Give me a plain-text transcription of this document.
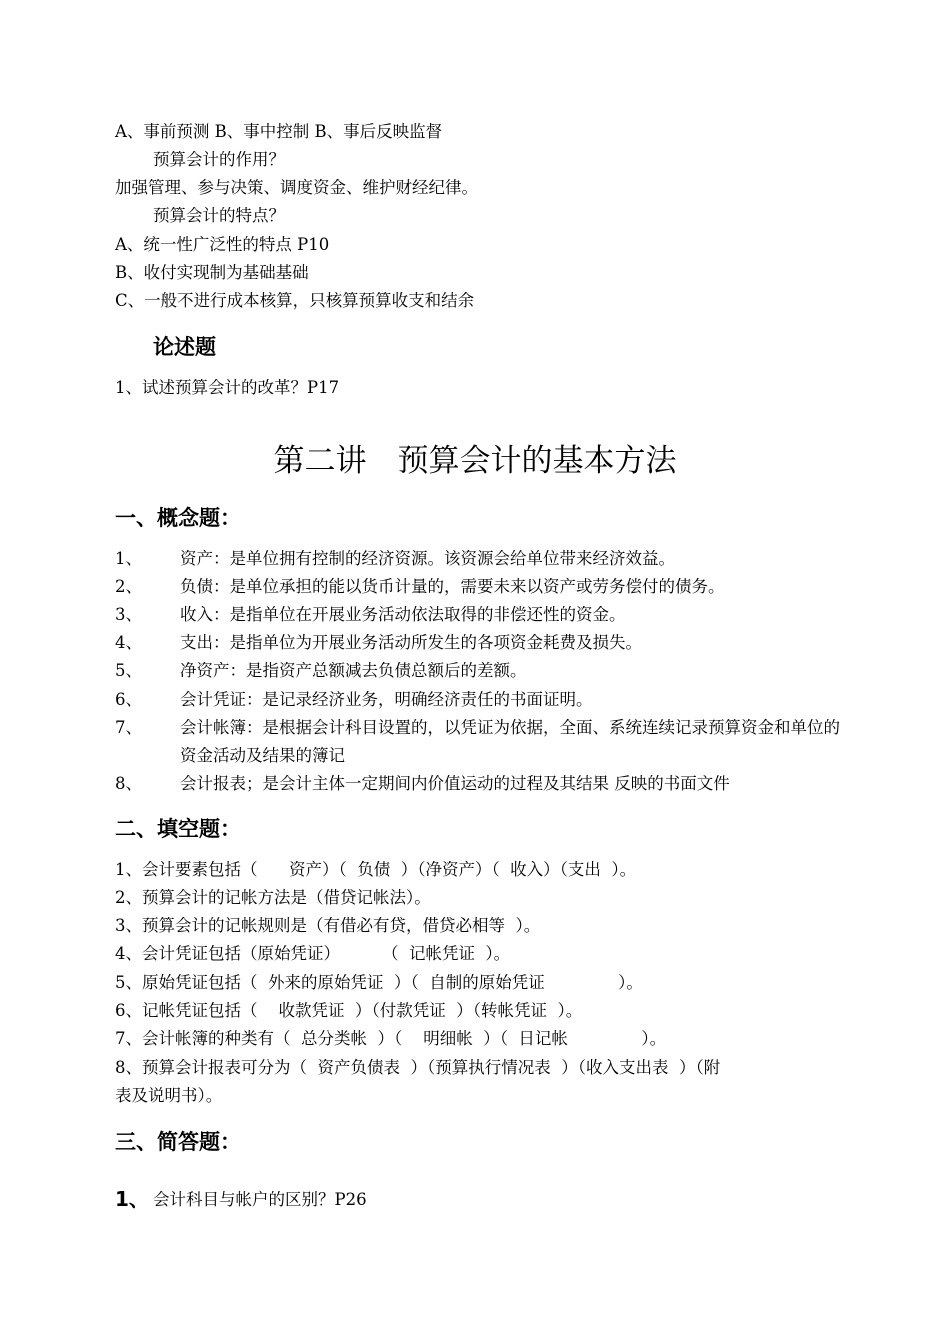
A、事前预测 B、事中控制 B、事后反映监督
预算会计的作用？
加强管理、参与决策、调度资金、维护财经纪律。
预算会计的特点？
A、统一性广泛性的特点 P10
B、收付实现制为基础基础
C、一般不进行成本核算，只核算预算收支和结余
论述题
1、试述预算会计的改革？P17
第二讲　预算会计的基本方法
一、概念题：
1、 资产：是单位拥有控制的经济资源。该资源会给单位带来经济效益。
2、 负债：是单位承担的能以货币计量的，需要未来以资产或劳务偿付的债务。
3、 收入：是指单位在开展业务活动依法取得的非偿还性的资金。
4、 支出：是指单位为开展业务活动所发生的各项资金耗费及损失。
5、 净资产：是指资产总额减去负债总额后的差额。
6、 会计凭证：是记录经济业务，明确经济责任的书面证明。
7、 会计帐簿：是根据会计科目设置的，以凭证为依据，全面、系统连续记录预算资金和单位的资金活动及结果的簿记
8、 会计报表；是会计主体一定期间内价值运动的过程及其结果 反映的书面文件
二、填空题：
1、会计要素包括（      资产）（  负债  ）（净资产）（  收入）（支出  ）。
2、预算会计的记帐方法是（借贷记帐法）。
3、预算会计的记帐规则是（有借必有贷，借贷必相等  ）。
4、会计凭证包括（原始凭证）        （  记帐凭证  ）。
5、原始凭证包括（  外来的原始凭证  ）（  自制的原始凭证              ）。
6、记帐凭证包括（    收款凭证  ）（付款凭证  ）（转帐凭证  ）。
7、会计帐簿的种类有（  总分类帐  ）（    明细帐  ）（  日记帐              ）。
8、预算会计报表可分为（  资产负债表  ）（预算执行情况表  ）（收入支出表  ）（附
表及说明书）。
三、简答题：
1、 会计科目与帐户的区别？P26
